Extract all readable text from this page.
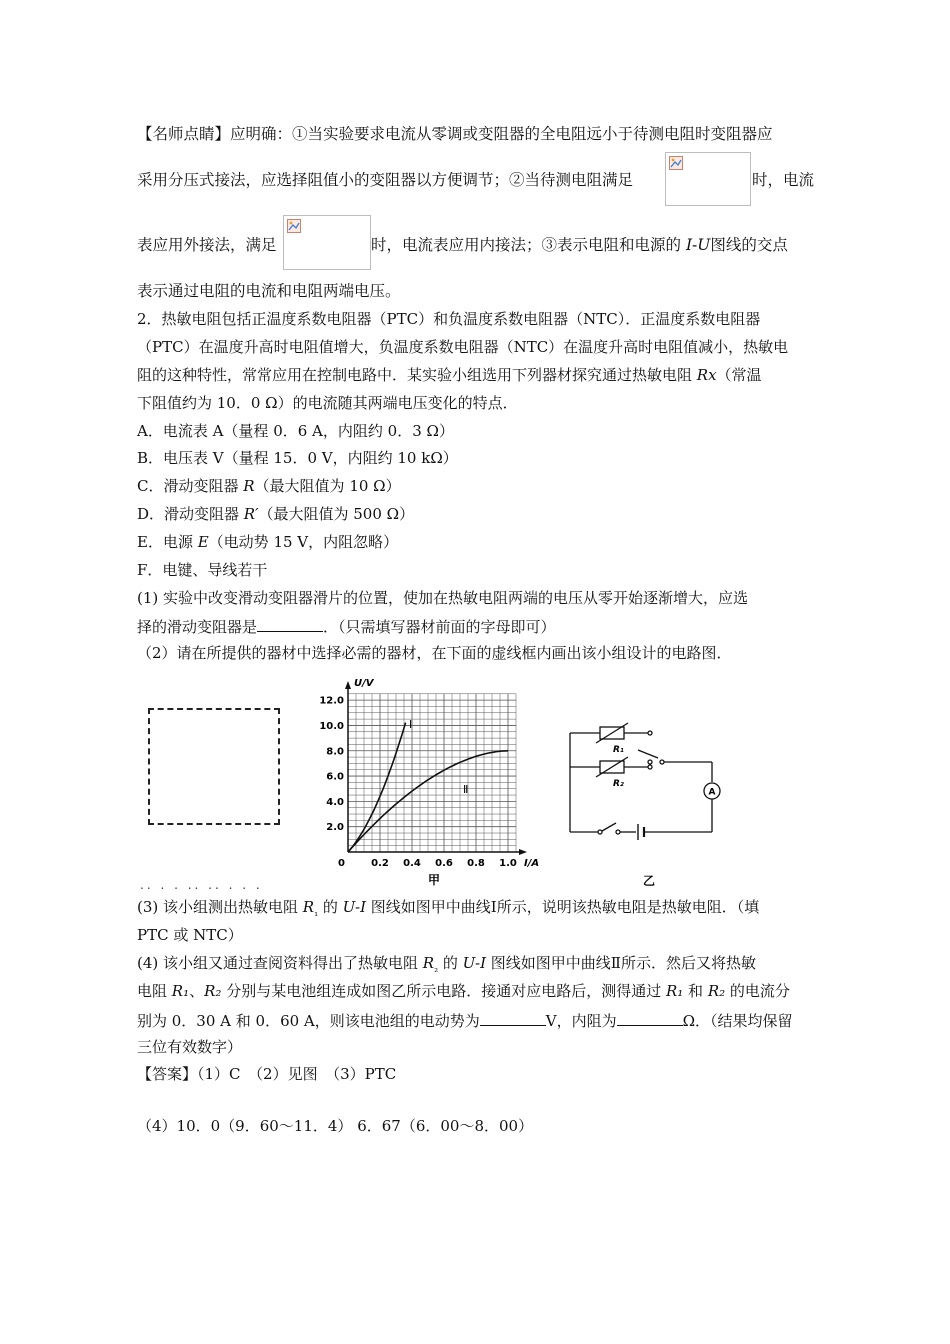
【名师点睛】应明确：①当实验要求电流从零调或变阻器的全电阻远小于待测电阻时变阻器应
采用分压式接法，应选择阻值小的变阻器以方便调节；②当待测电阻满足	时，电流
表应用外接法，满足	时，电流表应用内接法；③表示电阻和电源的 I-U图线的交点
表示通过电阻的电流和电阻两端电压。
2．热敏电阻包括正温度系数电阻器（PTC）和负温度系数电阻器（NTC）．正温度系数电阻器
（PTC）在温度升高时电阻值增大，负温度系数电阻器（NTC）在温度升高时电阻值减小，热敏电
阻的这种特性，常常应用在控制电路中．某实验小组选用下列器材探究通过热敏电阻 Rx（常温
下阻值约为 10．0 Ω）的电流随其两端电压变化的特点．
A．电流表 A（量程 0．6 A，内阻约 0．3 Ω）
B．电压表 V（量程 15．0 V，内阻约 10 kΩ）
C．滑动变阻器 R（最大阻值为 10 Ω）
D．滑动变阻器 R′（最大阻值为 500 Ω）
E．电源 E（电动势 15 V，内阻忽略）
F．电键、导线若干
(1) 实验中改变滑动变阻器滑片的位置，使加在热敏电阻两端的电压从零开始逐渐增大，应选
择的滑动变阻器是	．（只需填写器材前面的字母即可）
（2）请在所提供的器材中选择必需的器材，在下面的虚线框内画出该小组设计的电路图．
U/V
I/A
0
2.0
4.0
6.0
8.0
10.0
12.0
0.2 0.4 0.6 0.8 1.0
Ⅰ
Ⅱ
甲
R₁
R₂
A
乙
.. . . .. .. . . .
(3) 该小组测出热敏电阻 $R_{_1}$ 的 U-I 图线如图甲中曲线Ⅰ所示，说明该热敏电阻是热敏电阻．（填
PTC 或 NTC）
(4) 该小组又通过查阅资料得出了热敏电阻 $R_{_2}$ 的 U-I 图线如图甲中曲线Ⅱ所示．然后又将热敏
电阻 R₁、R₂ 分别与某电池组连成如图乙所示电路．接通对应电路后，测得通过 R₁ 和 R₂ 的电流分
别为 0．30 A 和 0．60 A，则该电池组的电动势为	V，内阻为	Ω．（结果均保留
三位有效数字）
【答案】（1）C　（2）见图　（3）PTC
（4）10．0（9．60～11．4） 6．67（6．00～8．00）
